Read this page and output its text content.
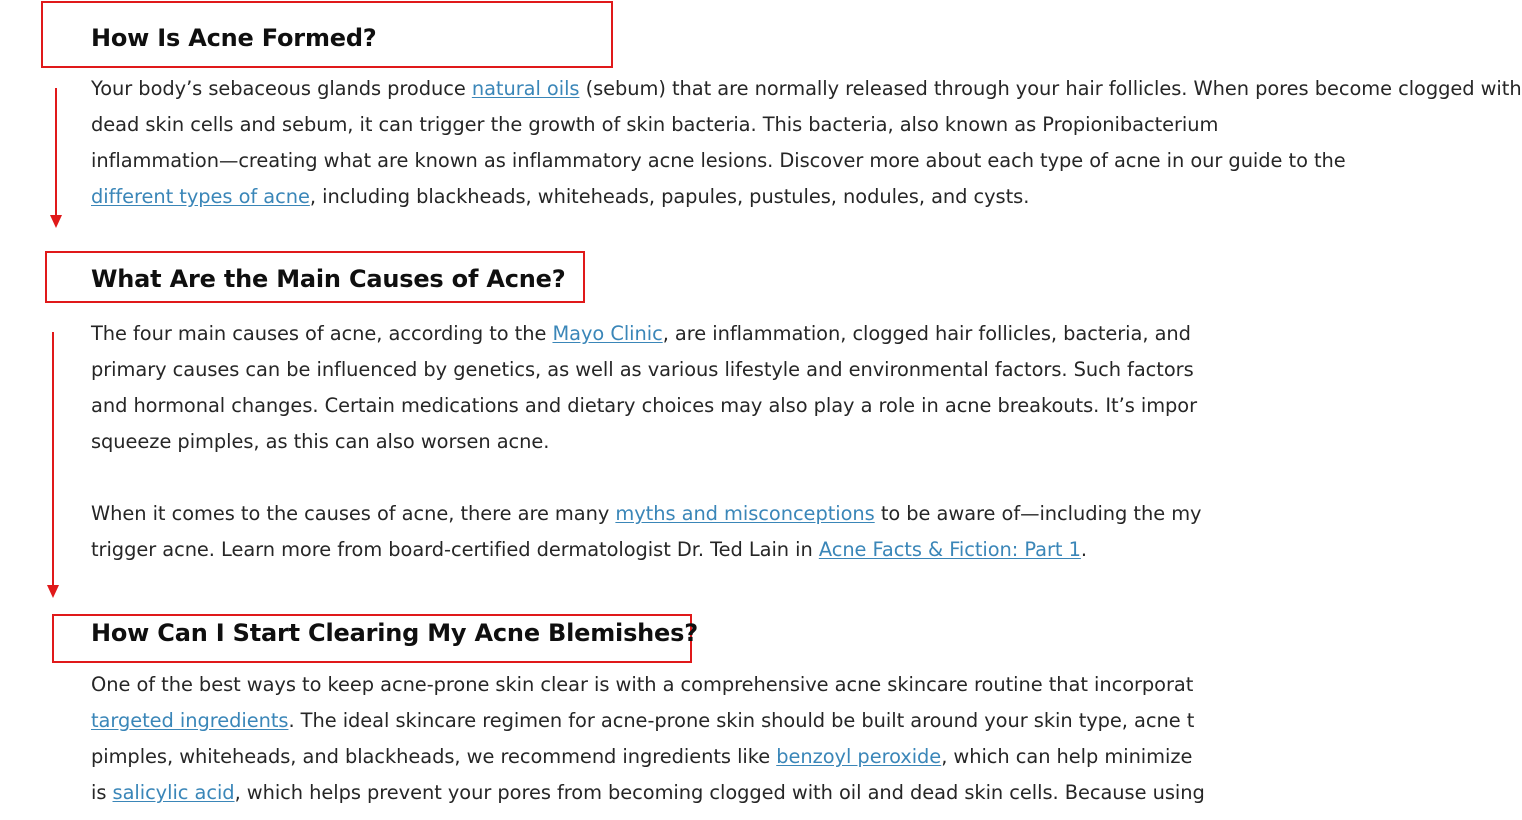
How Is Acne Formed?
What Are the Main Causes of Acne?
How Can I Start Clearing My Acne Blemishes?

Your body’s sebaceous glands produce natural oils (sebum) that are normally released through your hair follicles. When pores become clogged with
dead skin cells and sebum, it can trigger the growth of skin bacteria. This bacteria, also known as Propionibacterium
inflammation—creating what are known as inflammatory acne lesions. Discover more about each type of acne in our guide to the
different types of acne, including blackheads, whiteheads, papules, pustules, nodules, and cysts.

The four main causes of acne, according to the Mayo Clinic, are inflammation, clogged hair follicles, bacteria, and
primary causes can be influenced by genetics, as well as various lifestyle and environmental factors. Such factors
and hormonal changes. Certain medications and dietary choices may also play a role in acne breakouts. It’s impor
squeeze pimples, as this can also worsen acne.

When it comes to the causes of acne, there are many myths and misconceptions to be aware of—including the my
trigger acne. Learn more from board-certified dermatologist Dr. Ted Lain in Acne Facts & Fiction: Part 1.

One of the best ways to keep acne-prone skin clear is with a comprehensive acne skincare routine that incorporat
targeted ingredients. The ideal skincare regimen for acne-prone skin should be built around your skin type, acne t
pimples, whiteheads, and blackheads, we recommend ingredients like benzoyl peroxide, which can help minimize
is salicylic acid, which helps prevent your pores from becoming clogged with oil and dead skin cells. Because using
